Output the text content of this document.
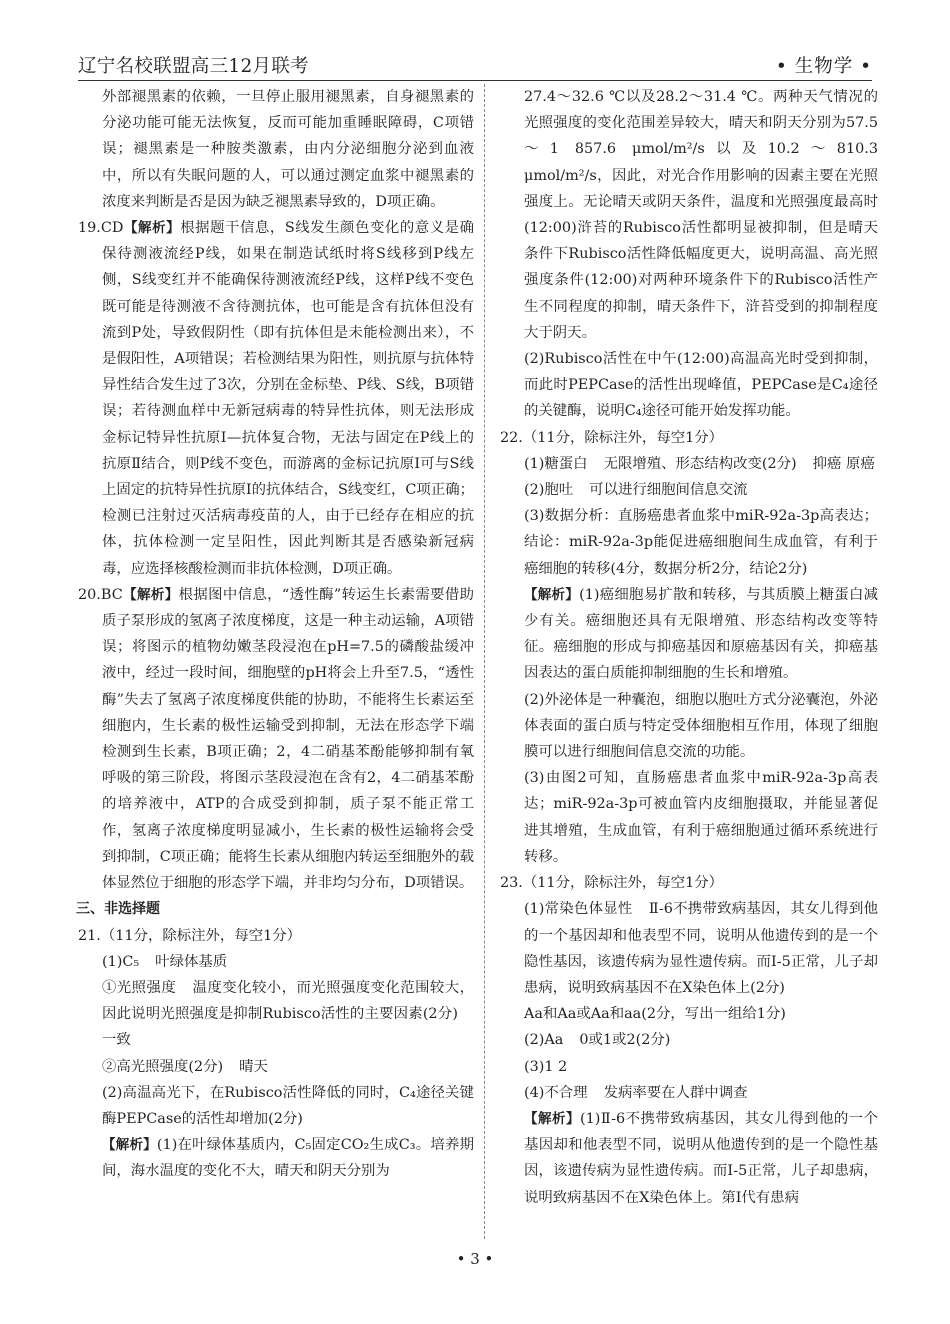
辽宁名校联盟高三12月联考	• 生物学 •

外部褪黑素的依赖，一旦停止服用褪黑素，自身褪黑素的分泌功能可能无法恢复，反而可能加重睡眠障碍，C项错误；褪黑素是一种胺类激素，由内分泌细胞分泌到血液中，所以有失眠问题的人，可以通过测定血浆中褪黑素的浓度来判断是否是因为缺乏褪黑素导致的，D项正确。

19.CD【解析】根据题干信息，S线发生颜色变化的意义是确保待测液流经P线，如果在制造试纸时将S线移到P线左侧，S线变红并不能确保待测液流经P线，这样P线不变色既可能是待测液不含待测抗体，也可能是含有抗体但没有流到P处，导致假阴性（即有抗体但是未能检测出来），不是假阳性，A项错误；若检测结果为阳性，则抗原与抗体特异性结合发生过了3次，分别在金标垫、P线、S线，B项错误；若待测血样中无新冠病毒的特异性抗体，则无法形成金标记特异性抗原Ⅰ—抗体复合物，无法与固定在P线上的抗原Ⅱ结合，则P线不变色，而游离的金标记抗原Ⅰ可与S线上固定的抗特异性抗原Ⅰ的抗体结合，S线变红，C项正确；检测已注射过灭活病毒疫苗的人，由于已经存在相应的抗体，抗体检测一定呈阳性，因此判断其是否感染新冠病毒，应选择核酸检测而非抗体检测，D项正确。

20.BC【解析】根据图中信息，“透性酶”转运生长素需要借助质子泵形成的氢离子浓度梯度，这是一种主动运输，A项错误；将图示的植物幼嫩茎段浸泡在pH=7.5的磷酸盐缓冲液中，经过一段时间，细胞壁的pH将会上升至7.5，“透性酶”失去了氢离子浓度梯度供能的协助，不能将生长素运至细胞内，生长素的极性运输受到抑制，无法在形态学下端检测到生长素，B项正确；2，4二硝基苯酚能够抑制有氧呼吸的第三阶段，将图示茎段浸泡在含有2，4二硝基苯酚的培养液中，ATP的合成受到抑制，质子泵不能正常工作，氢离子浓度梯度明显减小，生长素的极性运输将会受到抑制，C项正确；能将生长素从细胞内转运至细胞外的载体显然位于细胞的形态学下端，并非均匀分布，D项错误。

三、非选择题

21.（11分，除标注外，每空1分）

(1)C₅ 叶绿体基质

①光照强度 温度变化较小，而光照强度变化范围较大，因此说明光照强度是抑制Rubisco活性的主要因素(2分)一致

②高光照强度(2分) 晴天

(2)高温高光下，在Rubisco活性降低的同时，C₄途径关键酶PEPCase的活性却增加(2分)

【解析】(1)在叶绿体基质内，C₅固定CO₂生成C₃。培养期间，海水温度的变化不大，晴天和阴天分别为

27.4～32.6 ℃以及28.2～31.4 ℃。两种天气情况的光照强度的变化范围差异较大，晴天和阴天分别为57.5～1 857.6 μmol/m²/s以及10.2～810.3 μmol/m²/s，因此，对光合作用影响的因素主要在光照强度上。无论晴天或阴天条件，温度和光照强度最高时(12:00)浒苔的Rubisco活性都明显被抑制，但是晴天条件下Rubisco活性降低幅度更大，说明高温、高光照强度条件(12:00)对两种环境条件下的Rubisco活性产生不同程度的抑制，晴天条件下，浒苔受到的抑制程度大于阴天。

(2)Rubisco活性在中午(12:00)高温高光时受到抑制，而此时PEPCase的活性出现峰值，PEPCase是C₄途径的关键酶，说明C₄途径可能开始发挥功能。

22.（11分，除标注外，每空1分）

(1)糖蛋白 无限增殖、形态结构改变(2分) 抑癌 原癌

(2)胞吐 可以进行细胞间信息交流

(3)数据分析：直肠癌患者血浆中miR-92a-3p高表达；结论：miR-92a-3p能促进癌细胞间生成血管，有利于癌细胞的转移(4分，数据分析2分，结论2分)

【解析】(1)癌细胞易扩散和转移，与其质膜上糖蛋白减少有关。癌细胞还具有无限增殖、形态结构改变等特征。癌细胞的形成与抑癌基因和原癌基因有关，抑癌基因表达的蛋白质能抑制细胞的生长和增殖。

(2)外泌体是一种囊泡，细胞以胞吐方式分泌囊泡，外泌体表面的蛋白质与特定受体细胞相互作用，体现了细胞膜可以进行细胞间信息交流的功能。

(3)由图2可知，直肠癌患者血浆中miR-92a-3p高表达；miR-92a-3p可被血管内皮细胞摄取，并能显著促进其增殖，生成血管，有利于癌细胞通过循环系统进行转移。

23.（11分，除标注外，每空1分）

(1)常染色体显性 Ⅱ-6不携带致病基因，其女儿得到他的一个基因却和他表型不同，说明从他遗传到的是一个隐性基因，该遗传病为显性遗传病。而Ⅰ-5正常，儿子却患病，说明致病基因不在X染色体上(2分)

Aa和Aa或Aa和aa(2分，写出一组给1分)

(2)Aa 0或1或2(2分)

(3)1 2

(4)不合理 发病率要在人群中调查

【解析】(1)Ⅱ-6不携带致病基因，其女儿得到他的一个基因却和他表型不同，说明从他遗传到的是一个隐性基因，该遗传病为显性遗传病。而Ⅰ-5正常，儿子却患病，说明致病基因不在X染色体上。第Ⅰ代有患病

• 3 •
